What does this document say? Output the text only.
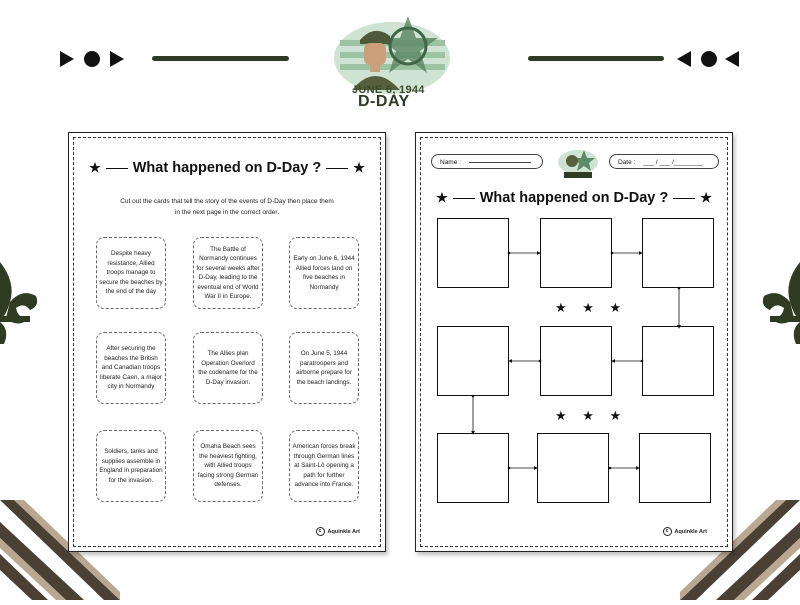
JUNE 6, 1944
D-DAY
★ What happened on D-Day ? ★
Cut out the cards that tell the story of the events of D-Day then place them
in the next page in the correct order.
Despite heavy resistance, Allied troops manage to secure the beaches by the end of the day
The Battle of Normandy continues for several weeks after D-Day, leading to the eventual end of World War II in Europe.
Early on June 6, 1944 Allied forces land on five beaches in Normandy
After securing the beaches the British and Canadian troops liberate Caen, a major city in Normandy
The Allies plan Operation Overlord the codename for the D-Day invasion.
On June 5, 1944 paratroopers and airborne prepare for the beach landings.
Soldiers, tanks and supplies assemble in England in preparation for the invasion.
Omaha Beach sees the heaviest fighting, with Allied troops facing strong German defenses.
American forces break through German lines at Saint-Lô opening a path for further advance into France.
c Aquinkle Art
Name :	Date : ___ / ___ /________
★ What happened on D-Day ? ★
★ ★ ★
★ ★ ★
c Aquinkle Art
